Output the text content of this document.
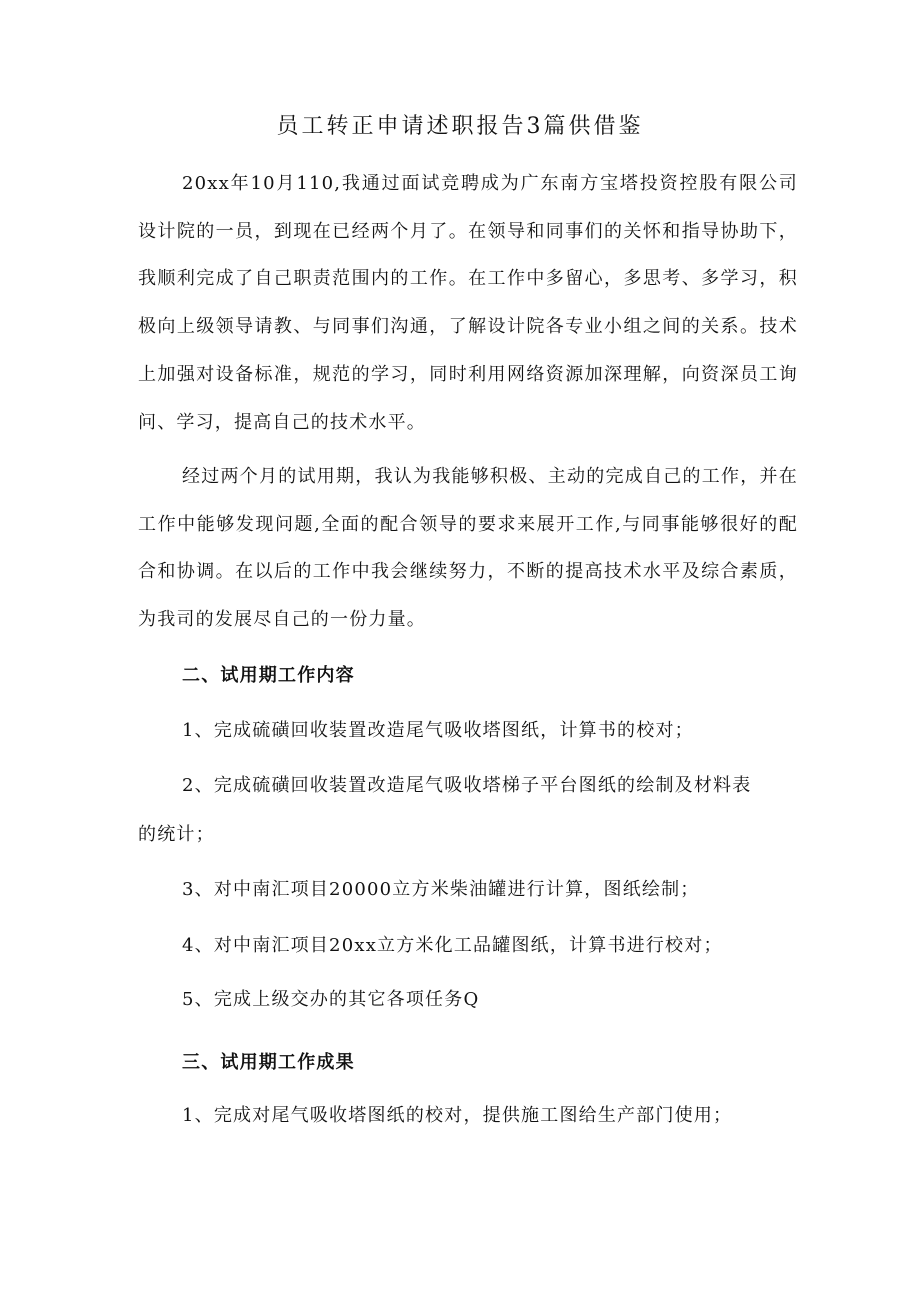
员工转正申请述职报告3篇供借鉴
20xx年10月110,我通过面试竞聘成为广东南方宝塔投资控股有限公司设计院的一员，到现在已经两个月了。在领导和同事们的关怀和指导协助下，我顺利完成了自己职责范围内的工作。在工作中多留心，多思考、多学习，积极向上级领导请教、与同事们沟通，了解设计院各专业小组之间的关系。技术上加强对设备标准，规范的学习，同时利用网络资源加深理解，向资深员工询问、学习，提高自己的技术水平。
经过两个月的试用期，我认为我能够积极、主动的完成自己的工作，并在工作中能够发现问题,全面的配合领导的要求来展开工作,与同事能够很好的配合和协调。在以后的工作中我会继续努力，不断的提高技术水平及综合素质，为我司的发展尽自己的一份力量。
二、试用期工作内容
1、完成硫磺回收装置改造尾气吸收塔图纸，计算书的校对；
2、完成硫磺回收装置改造尾气吸收塔梯子平台图纸的绘制及材料表
的统计；
3、对中南汇项目20000立方米柴油罐进行计算，图纸绘制；
4、对中南汇项目20xx立方米化工品罐图纸，计算书进行校对；
5、完成上级交办的其它各项任务Q
三、试用期工作成果
1、完成对尾气吸收塔图纸的校对，提供施工图给生产部门使用；
